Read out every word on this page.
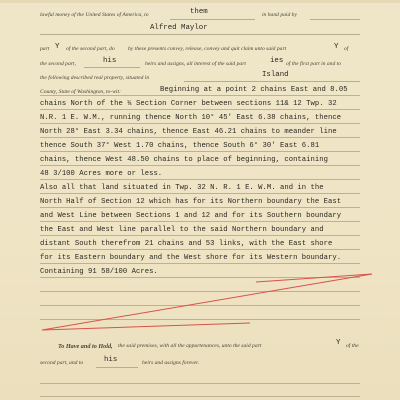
lawful money of the United States of America, to	them	in hand paid by
Alfred Maylor
part Y of the second part, do by these presents convey, release, convey and quit claim unto said part	Y of
the second part,	his	heirs and assigns, all interest of the said part	ies of the first part in and to
the following described real property, situated in	Island
County, State of Washington, to-wit:	Beginning at a point 2 chains East and 8.05
chains North of the ¼ Section Corner between sections 11& 12 Twp. 32
N.R. 1 E. W.M., running thence North 10° 45' East 6.38 chains, thence
North 28° East 3.34 chains, thence East 46.21 chains to meander line
thence South 37° West 1.70 chains, thence South 6° 30' East 6.81
chains, thence West 48.50 chains to place of beginning, containing
48 3/100 Acres more or less.
Also all that land situated in Twp. 32 N. R. 1 E. W.M. and in the
North Half of Section 12 which has for its Northern boundary the East
and West Line between Sections 1 and 12 and for its Southern boundary
the East and West line parallel to the said Northern boundary and
distant South therefrom 21 chains and 53 links, with the East shore
for its Eastern boundary and the West shore for its Western boundary.
Containing 91 58/100 Acres.
To Have and to Hold, the said premises, with all the appurtenances, unto the said part	Y of the
second part, and to	his	heirs and assigns forever.
